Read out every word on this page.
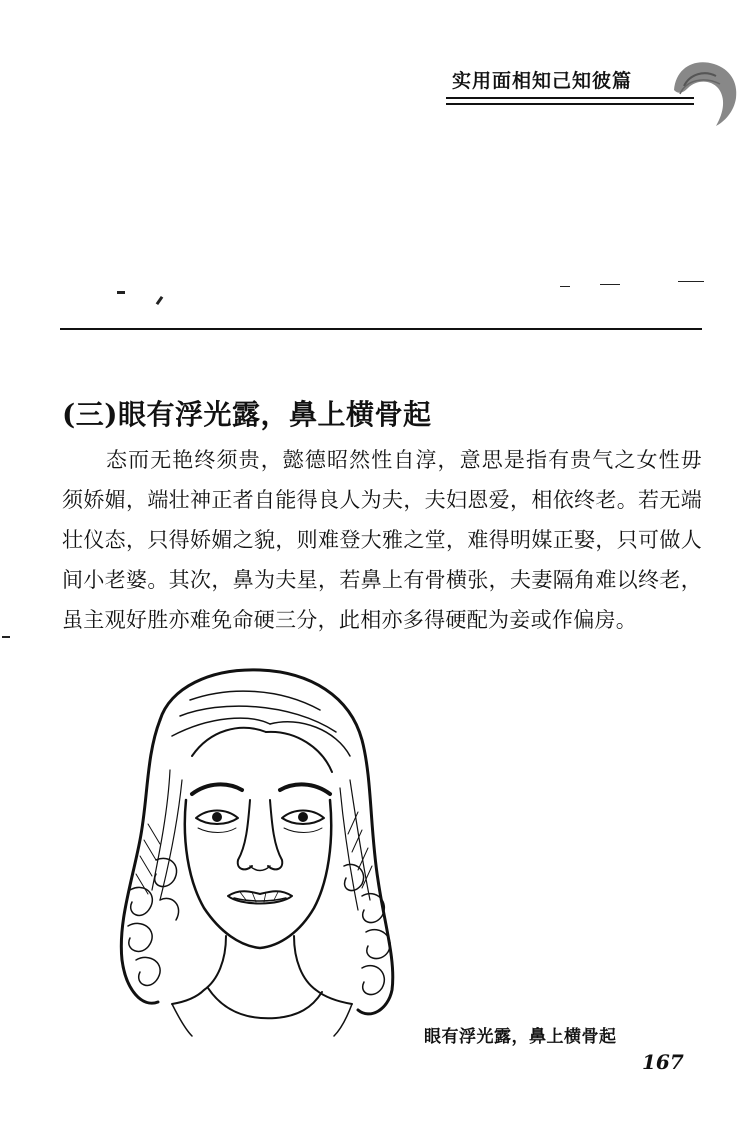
实用面相知己知彼篇
(三)眼有浮光露，鼻上横骨起

态而无艳终须贵，懿德昭然性自淳，意思是指有贵气之女性毋须娇媚，端壮神正者自能得良人为夫，夫妇恩爱，相依终老。若无端壮仪态，只得娇媚之貌，则难登大雅之堂，难得明媒正娶，只可做人间小老婆。其次，鼻为夫星，若鼻上有骨横张，夫妻隔角难以终老，虽主观好胜亦难免命硬三分，此相亦多得硬配为妾或作偏房。

眼有浮光露，鼻上横骨起
167
